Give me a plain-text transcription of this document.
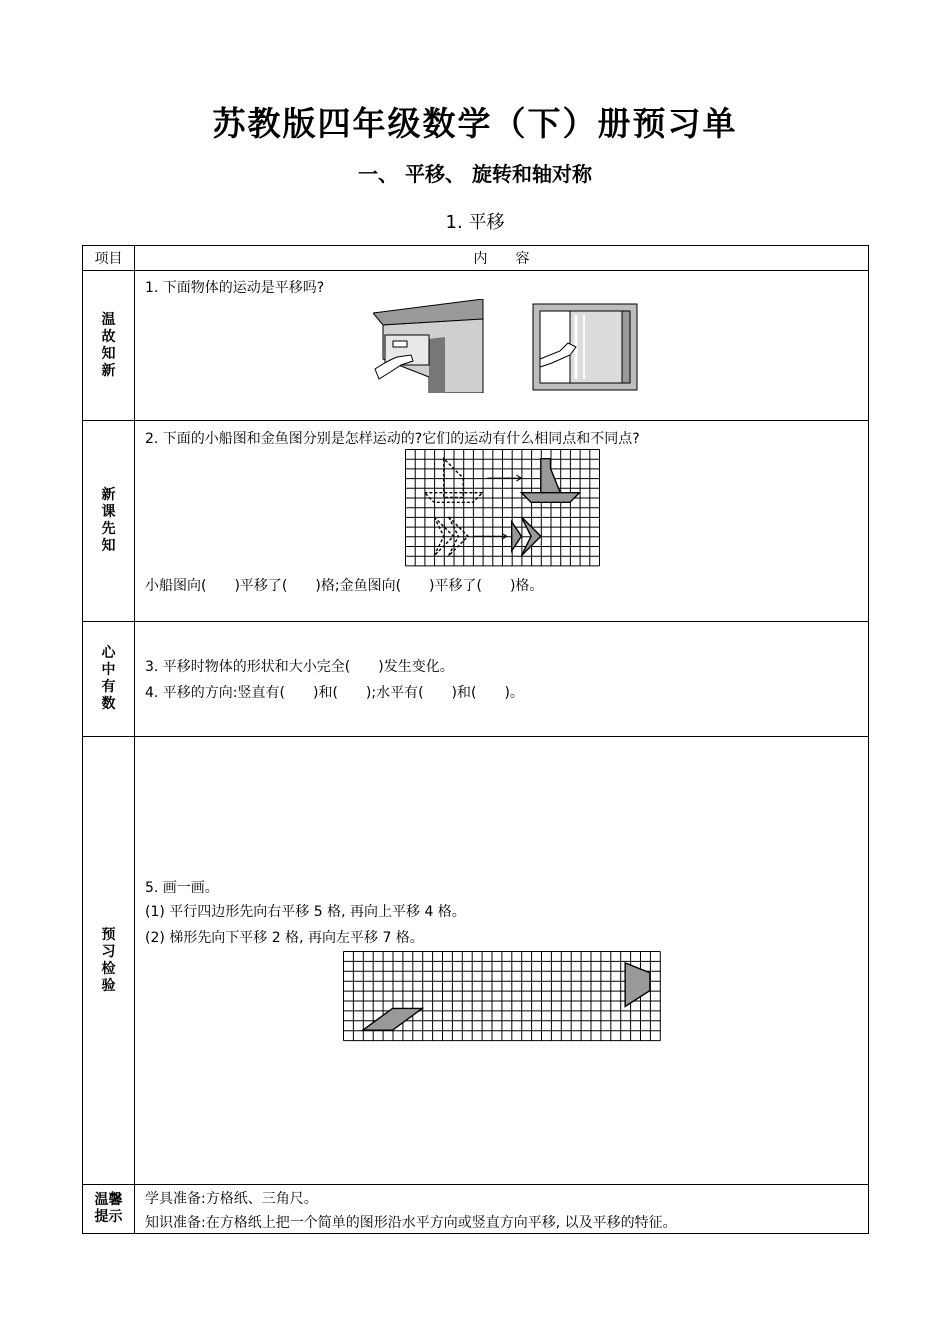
苏教版四年级数学（下）册预习单
一、 平移、 旋转和轴对称
1. 平移
项目	内　　容
温故知新	1. 下面物体的运动是平移吗?

新课先知	2. 下面的小船图和金鱼图分别是怎样运动的?它们的运动有什么相同点和不同点?
小船图向(　　)平移了(　　)格;金鱼图向(　　)平移了(　　)格。

心中有数	3. 平移时物体的形状和大小完全(　　)发生变化。
4. 平移的方向:竖直有(　　)和(　　);水平有(　　)和(　　)。

预习检验	5. 画一画。
(1) 平行四边形先向右平移 5 格, 再向上平移 4 格。
(2) 梯形先向下平移 2 格, 再向左平移 7 格。

温馨提示	学具准备:方格纸、三角尺。
知识准备:在方格纸上把一个简单的图形沿水平方向或竖直方向平移, 以及平移的特征。
